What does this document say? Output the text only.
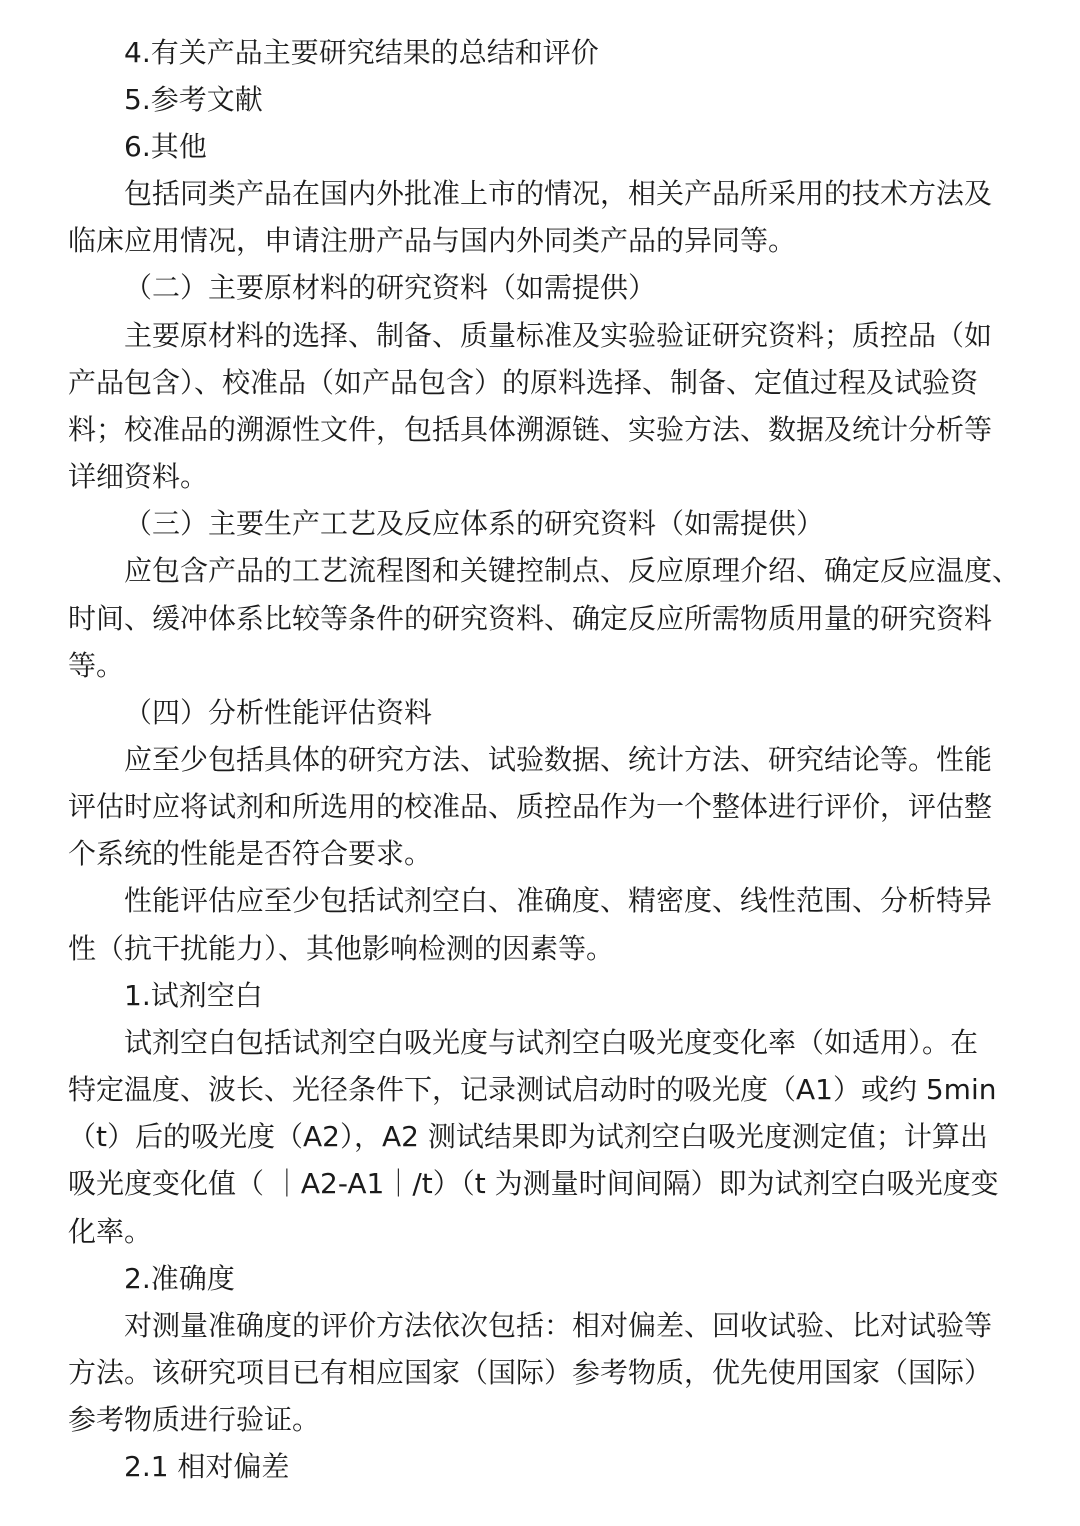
4.有关产品主要研究结果的总结和评价

5.参考文献

6.其他

包括同类产品在国内外批准上市的情况，相关产品所采用的技术方法及

临床应用情况，申请注册产品与国内外同类产品的异同等。

（二）主要原材料的研究资料（如需提供）

主要原材料的选择、制备、质量标准及实验验证研究资料；质控品（如

产品包含）、校准品（如产品包含）的原料选择、制备、定值过程及试验资

料；校准品的溯源性文件，包括具体溯源链、实验方法、数据及统计分析等

详细资料。

（三）主要生产工艺及反应体系的研究资料（如需提供）

应包含产品的工艺流程图和关键控制点、反应原理介绍、确定反应温度、

时间、缓冲体系比较等条件的研究资料、确定反应所需物质用量的研究资料

等。

（四）分析性能评估资料

应至少包括具体的研究方法、试验数据、统计方法、研究结论等。性能

评估时应将试剂和所选用的校准品、质控品作为一个整体进行评价，评估整

个系统的性能是否符合要求。

性能评估应至少包括试剂空白、准确度、精密度、线性范围、分析特异

性（抗干扰能力）、其他影响检测的因素等。

1.试剂空白

试剂空白包括试剂空白吸光度与试剂空白吸光度变化率（如适用）。在

特定温度、波长、光径条件下，记录测试启动时的吸光度（A1）或约 5min

（t）后的吸光度（A2），A2 测试结果即为试剂空白吸光度测定值；计算出

吸光度变化值（ ｜A2-A1｜/t）（t 为测量时间间隔）即为试剂空白吸光度变

化率。

2.准确度

对测量准确度的评价方法依次包括：相对偏差、回收试验、比对试验等

方法。该研究项目已有相应国家（国际）参考物质，优先使用国家（国际）

参考物质进行验证。

2.1 相对偏差
